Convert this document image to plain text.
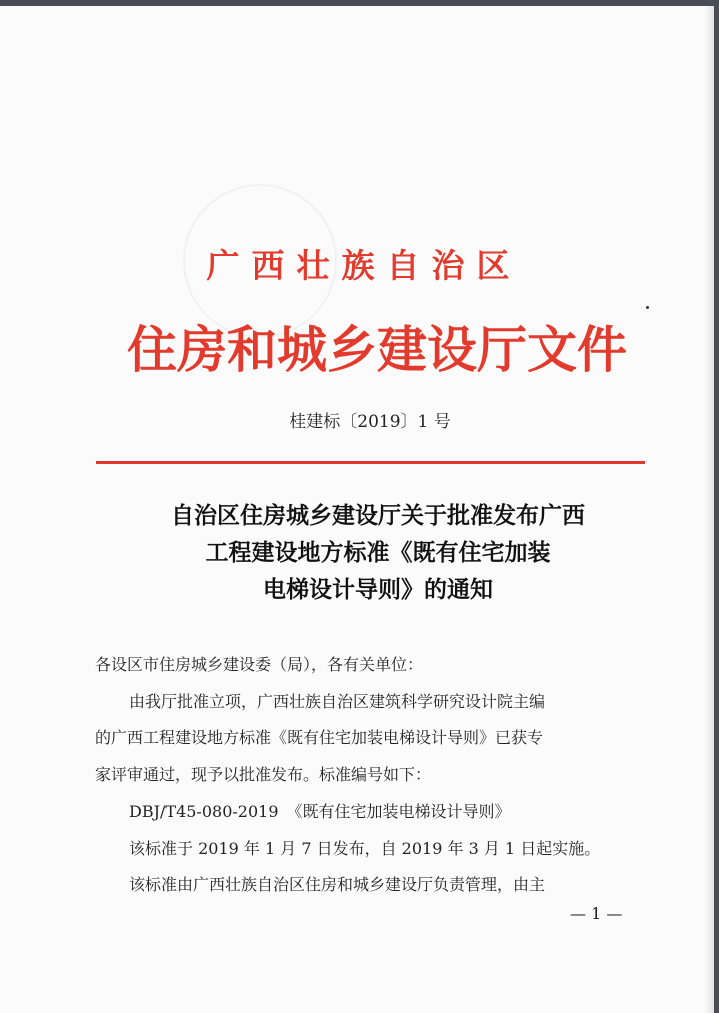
广西壮族自治区
住房和城乡建设厅文件
桂建标〔2019〕1 号
自治区住房城乡建设厅关于批准发布广西
工程建设地方标准《既有住宅加装
电梯设计导则》的通知

各设区市住房城乡建设委（局），各有关单位：

由我厅批准立项，广西壮族自治区建筑科学研究设计院主编

的广西工程建设地方标准《既有住宅加装电梯设计导则》已获专

家评审通过，现予以批准发布。标准编号如下：

DBJ/T45-080-2019　《既有住宅加装电梯设计导则》

该标准于 2019 年 1 月 7 日发布，自 2019 年 3 月 1 日起实施。

该标准由广西壮族自治区住房和城乡建设厅负责管理，由主

— 1 —
